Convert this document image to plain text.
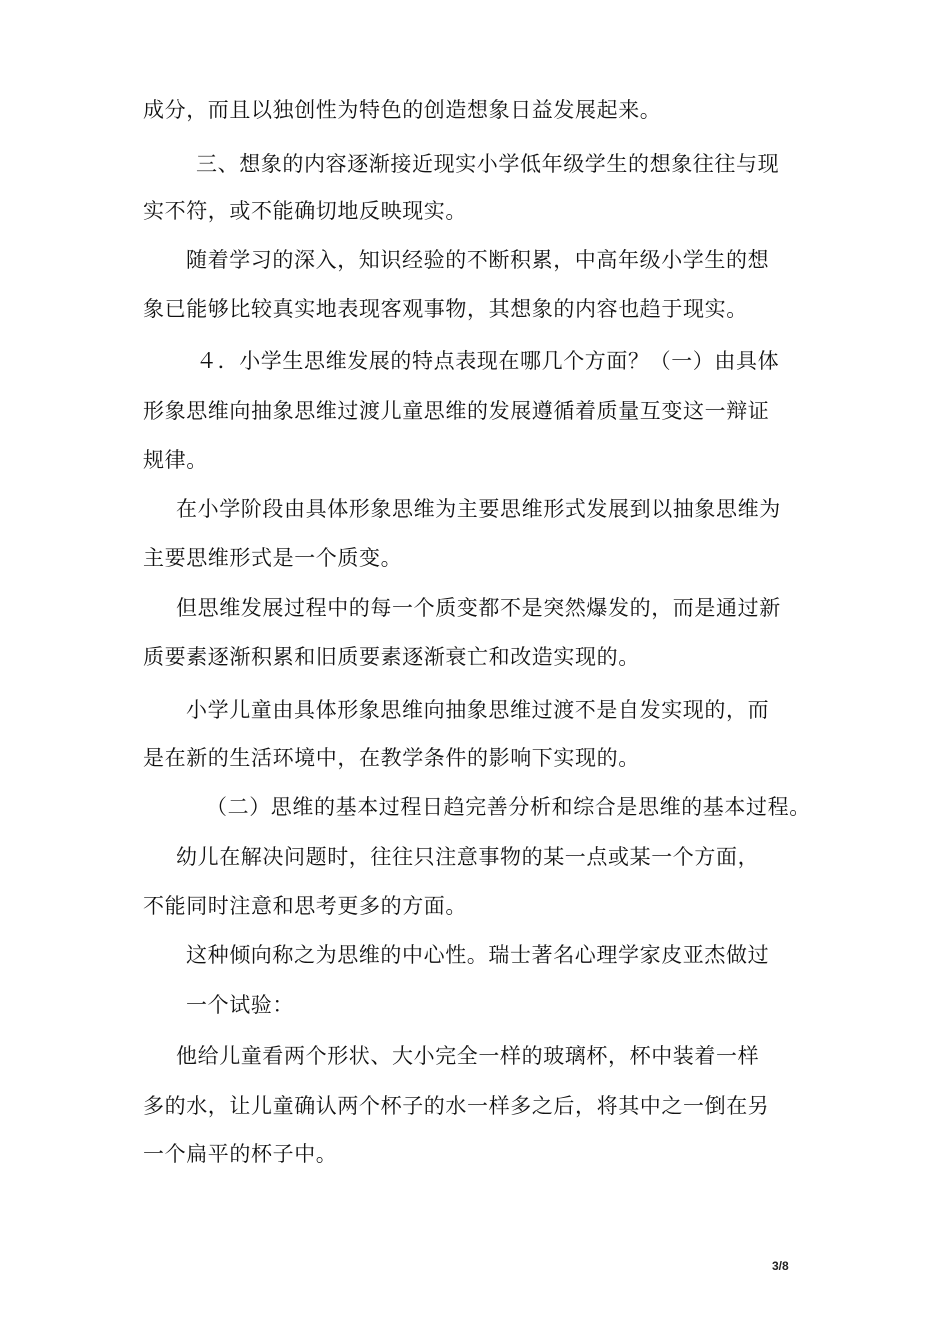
成分，而且以独创性为特色的创造想象日益发展起来。
三、想象的内容逐渐接近现实小学低年级学生的想象往往与现
实不符，或不能确切地反映现实。
随着学习的深入，知识经验的不断积累，中高年级小学生的想
象已能够比较真实地表现客观事物，其想象的内容也趋于现实。
４．小学生思维发展的特点表现在哪几个方面？（一）由具体
形象思维向抽象思维过渡儿童思维的发展遵循着质量互变这一辩证
规律。
在小学阶段由具体形象思维为主要思维形式发展到以抽象思维为
主要思维形式是一个质变。
但思维发展过程中的每一个质变都不是突然爆发的，而是通过新
质要素逐渐积累和旧质要素逐渐衰亡和改造实现的。
小学儿童由具体形象思维向抽象思维过渡不是自发实现的，而
是在新的生活环境中，在教学条件的影响下实现的。
（二）思维的基本过程日趋完善分析和综合是思维的基本过程。
幼儿在解决问题时，往往只注意事物的某一点或某一个方面，
不能同时注意和思考更多的方面。
这种倾向称之为思维的中心性。瑞士著名心理学家皮亚杰做过
一个试验：
他给儿童看两个形状、大小完全一样的玻璃杯，杯中装着一样
多的水，让儿童确认两个杯子的水一样多之后，将其中之一倒在另
一个扁平的杯子中。
3/8
